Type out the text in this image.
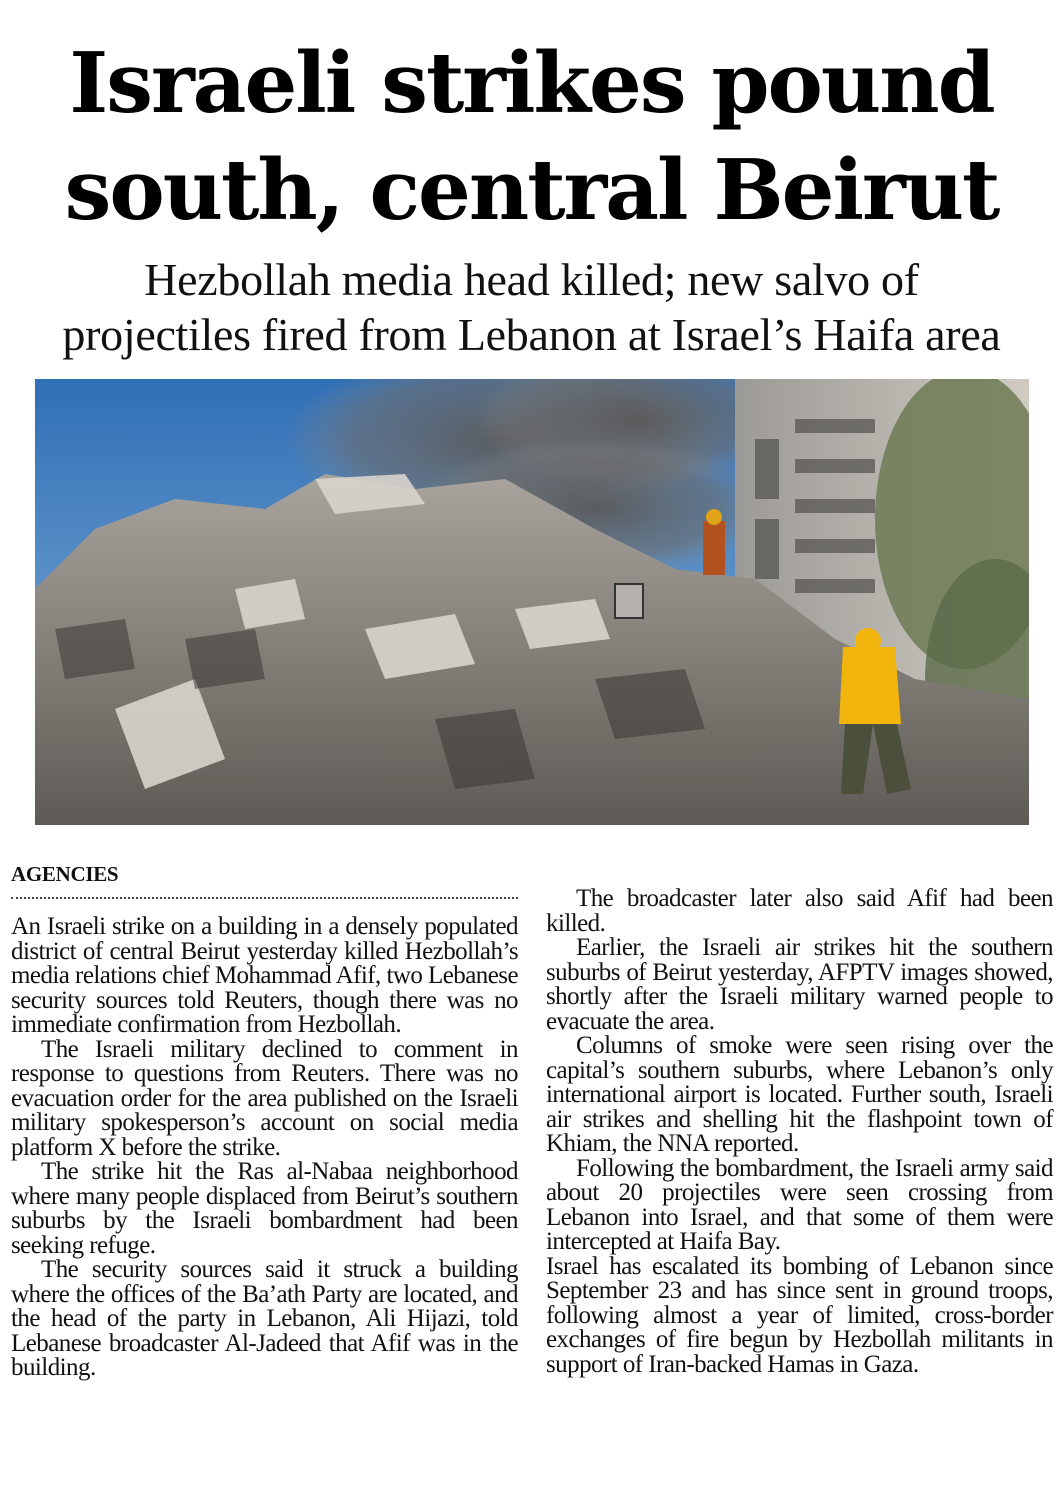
Israeli strikes pound
south, central Beirut
Hezbollah media head killed; new salvo of
projectiles fired from Lebanon at Israel’s Haifa area
AGENCIES

An Israeli strike on a building in a densely populated district of central Beirut yesterday killed Hezbollah’s media relations chief Mohammad Afif, two Lebanese security sources told Reuters, though there was no immediate confirmation from Hezbollah.

The Israeli military declined to comment in response to questions from Reuters. There was no evacuation order for the area published on the Israeli military spokesperson’s account on social media platform X before the strike.

The strike hit the Ras al-Nabaa neighborhood where many people displaced from Beirut’s southern suburbs by the Israeli bombardment had been seeking refuge.

The security sources said it struck a building where the offices of the Ba’ath Party are located, and the head of the party in Lebanon, Ali Hijazi, told Lebanese broadcaster Al-Jadeed that Afif was in the building.

The broadcaster later also said Afif had been killed.

Earlier, the Israeli air strikes hit the southern suburbs of Beirut yesterday, AFPTV images showed, shortly after the Israeli military warned people to evacuate the area.

Columns of smoke were seen rising over the capital’s southern suburbs, where Lebanon’s only international airport is located. Further south, Israeli air strikes and shelling hit the flashpoint town of Khiam, the NNA reported.

Following the bombardment, the Israeli army said about 20 projectiles were seen crossing from Lebanon into Israel, and that some of them were intercepted at Haifa Bay.

Israel has escalated its bombing of Lebanon since September 23 and has since sent in ground troops, following almost a year of limited, cross-border exchanges of fire begun by Hezbollah militants in support of Iran-backed Hamas in Gaza.
